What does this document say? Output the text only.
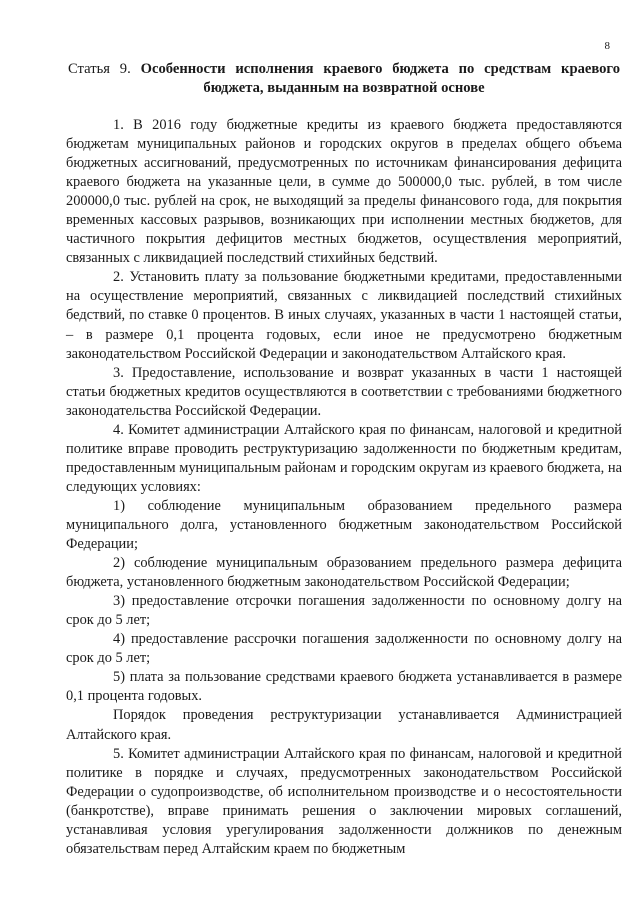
8
Статья 9. Особенности исполнения краевого бюджета по средствам краевого бюджета, выданным на возвратной основе

1. В 2016 году бюджетные кредиты из краевого бюджета предоставляются бюджетам муниципальных районов и городских округов в пределах общего объема бюджетных ассигнований, предусмотренных по источникам финансирования дефицита краевого бюджета на указанные цели, в сумме до 500000,0 тыс. рублей, в том числе 200000,0 тыс. рублей на срок, не выходящий за пределы финансового года, для покрытия временных кассовых разрывов, возникающих при исполнении местных бюджетов, для частичного покрытия дефицитов местных бюджетов, осуществления мероприятий, связанных с ликвидацией последствий стихийных бедствий.

2. Установить плату за пользование бюджетными кредитами, предоставленными на осуществление мероприятий, связанных с ликвидацией последствий стихийных бедствий, по ставке 0 процентов. В иных случаях, указанных в части 1 настоящей статьи, – в размере 0,1 процента годовых, если иное не предусмотрено бюджетным законодательством Российской Федерации и законодательством Алтайского края.

3. Предоставление, использование и возврат указанных в части 1 настоящей статьи бюджетных кредитов осуществляются в соответствии с требованиями бюджетного законодательства Российской Федерации.

4. Комитет администрации Алтайского края по финансам, налоговой и кредитной политике вправе проводить реструктуризацию задолженности по бюджетным кредитам, предоставленным муниципальным районам и городским округам из краевого бюджета, на следующих условиях:

1) соблюдение муниципальным образованием предельного размера муниципального долга, установленного бюджетным законодательством Российской Федерации;

2) соблюдение муниципальным образованием предельного размера дефицита бюджета, установленного бюджетным законодательством Российской Федерации;

3) предоставление отсрочки погашения задолженности по основному долгу на срок до 5 лет;

4) предоставление рассрочки погашения задолженности по основному долгу на срок до 5 лет;

5) плата за пользование средствами краевого бюджета устанавливается в размере 0,1 процента годовых.

Порядок проведения реструктуризации устанавливается Администрацией Алтайского края.

5. Комитет администрации Алтайского края по финансам, налоговой и кредитной политике в порядке и случаях, предусмотренных законодательством Российской Федерации о судопроизводстве, об исполнительном производстве и о несостоятельности (банкротстве), вправе принимать решения о заключении мировых соглашений, устанавливая условия урегулирования задолженности должников по денежным обязательствам перед Алтайским краем по бюджетным
